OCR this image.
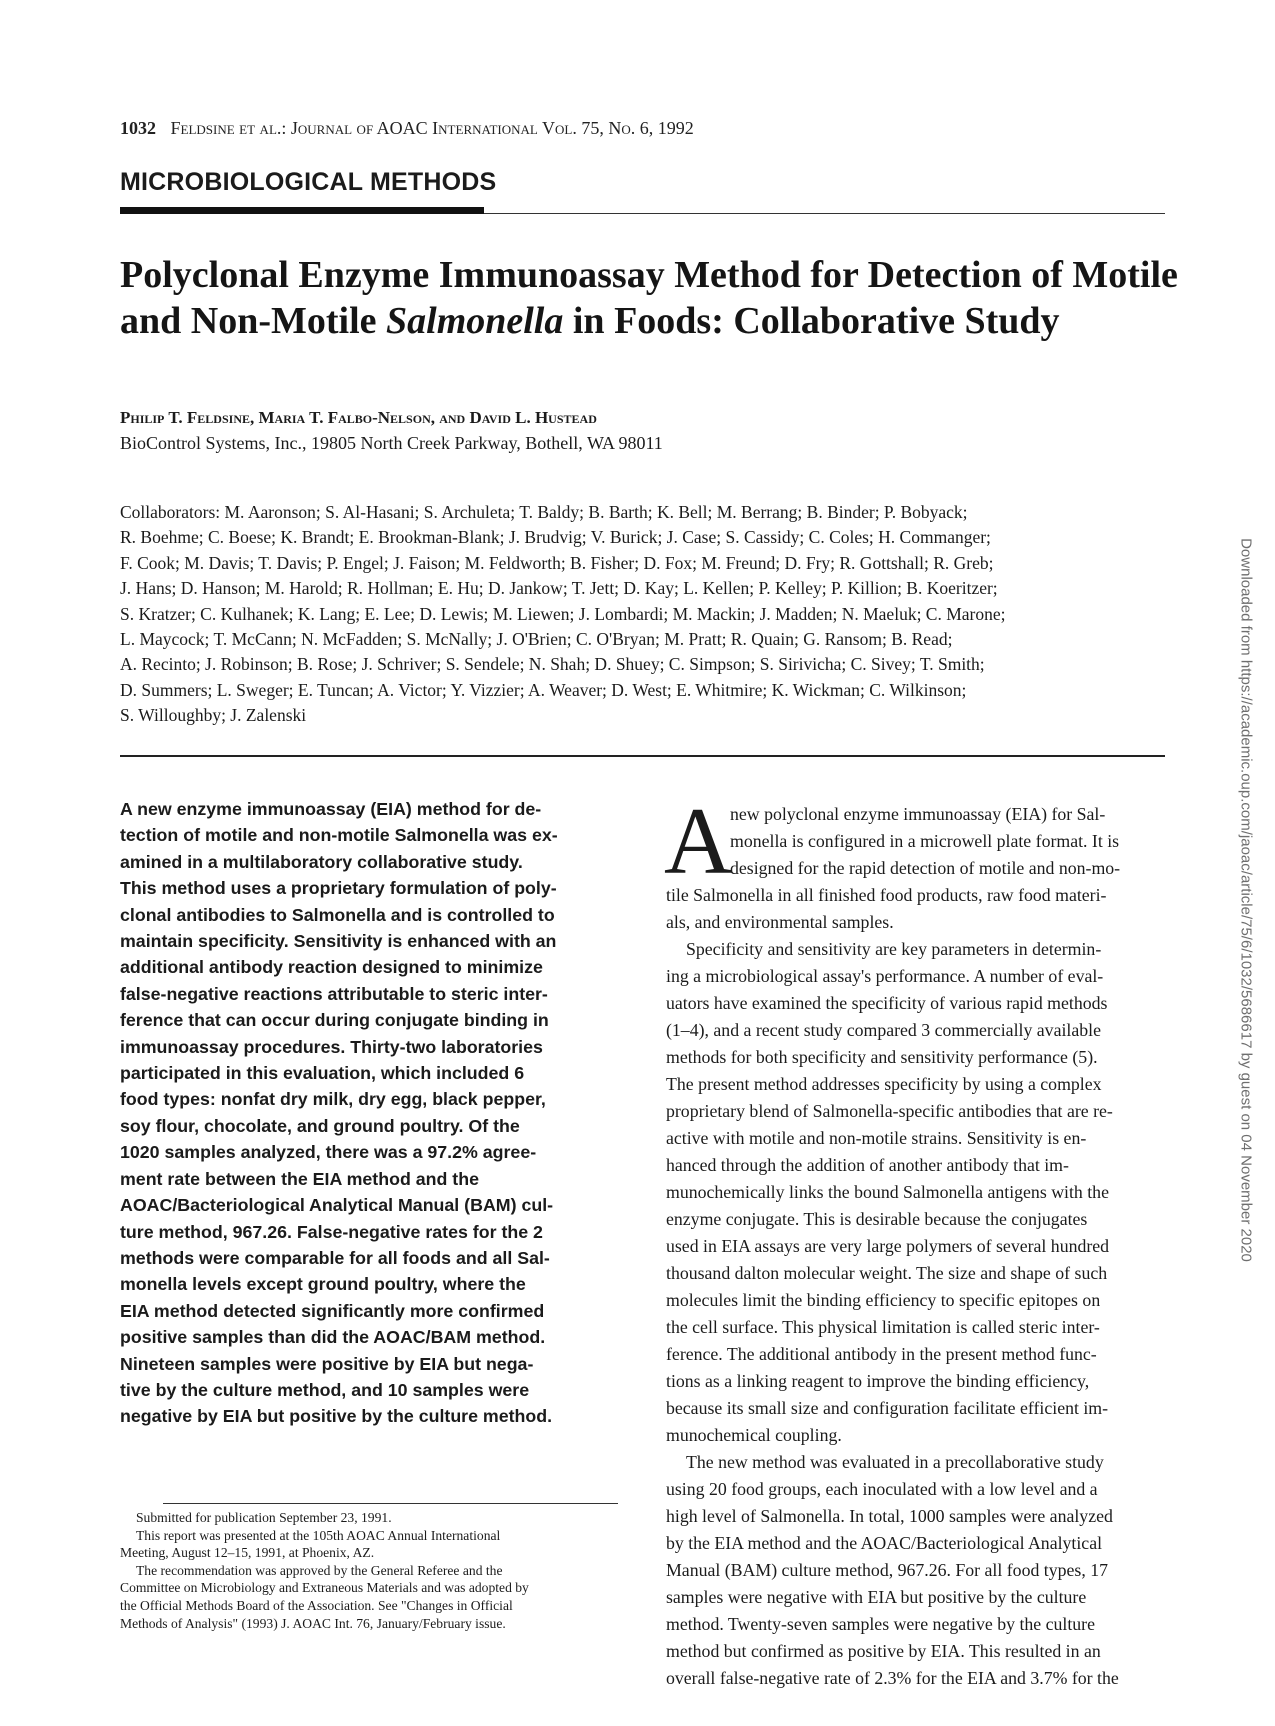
1032 Feldsine et al.: Journal of AOAC International Vol. 75, No. 6, 1992
MICROBIOLOGICAL METHODS
Polyclonal Enzyme Immunoassay Method for Detection of Motile
and Non-Motile Salmonella in Foods: Collaborative Study
Philip T. Feldsine, Maria T. Falbo-Nelson, and David L. Hustead
BioControl Systems, Inc., 19805 North Creek Parkway, Bothell, WA 98011
Collaborators: M. Aaronson; S. Al-Hasani; S. Archuleta; T. Baldy; B. Barth; K. Bell; M. Berrang; B. Binder; P. Bobyack;
R. Boehme; C. Boese; K. Brandt; E. Brookman-Blank; J. Brudvig; V. Burick; J. Case; S. Cassidy; C. Coles; H. Commanger;
F. Cook; M. Davis; T. Davis; P. Engel; J. Faison; M. Feldworth; B. Fisher; D. Fox; M. Freund; D. Fry; R. Gottshall; R. Greb;
J. Hans; D. Hanson; M. Harold; R. Hollman; E. Hu; D. Jankow; T. Jett; D. Kay; L. Kellen; P. Kelley; P. Killion; B. Koeritzer;
S. Kratzer; C. Kulhanek; K. Lang; E. Lee; D. Lewis; M. Liewen; J. Lombardi; M. Mackin; J. Madden; N. Maeluk; C. Marone;
L. Maycock; T. McCann; N. McFadden; S. McNally; J. O'Brien; C. O'Bryan; M. Pratt; R. Quain; G. Ransom; B. Read;
A. Recinto; J. Robinson; B. Rose; J. Schriver; S. Sendele; N. Shah; D. Shuey; C. Simpson; S. Sirivicha; C. Sivey; T. Smith;
D. Summers; L. Sweger; E. Tuncan; A. Victor; Y. Vizzier; A. Weaver; D. West; E. Whitmire; K. Wickman; C. Wilkinson;
S. Willoughby; J. Zalenski
A new enzyme immunoassay (EIA) method for de-
tection of motile and non-motile Salmonella was ex-
amined in a multilaboratory collaborative study.
This method uses a proprietary formulation of poly-
clonal antibodies to Salmonella and is controlled to
maintain specificity. Sensitivity is enhanced with an
additional antibody reaction designed to minimize
false-negative reactions attributable to steric inter-
ference that can occur during conjugate binding in
immunoassay procedures. Thirty-two laboratories
participated in this evaluation, which included 6
food types: nonfat dry milk, dry egg, black pepper,
soy flour, chocolate, and ground poultry. Of the
1020 samples analyzed, there was a 97.2% agree-
ment rate between the EIA method and the
AOAC/Bacteriological Analytical Manual (BAM) cul-
ture method, 967.26. False-negative rates for the 2
methods were comparable for all foods and all Sal-
monella levels except ground poultry, where the
EIA method detected significantly more confirmed
positive samples than did the AOAC/BAM method.
Nineteen samples were positive by EIA but nega-
tive by the culture method, and 10 samples were
negative by EIA but positive by the culture method.
Submitted for publication September 23, 1991.
This report was presented at the 105th AOAC Annual International
Meeting, August 12–15, 1991, at Phoenix, AZ.
The recommendation was approved by the General Referee and the
Committee on Microbiology and Extraneous Materials and was adopted by
the Official Methods Board of the Association. See "Changes in Official
Methods of Analysis" (1993) J. AOAC Int. 76, January/February issue.
A
new polyclonal enzyme immunoassay (EIA) for Sal-
monella is configured in a microwell plate format. It is
designed for the rapid detection of motile and non-mo-
tile Salmonella in all finished food products, raw food materi-
als, and environmental samples.
Specificity and sensitivity are key parameters in determin-
ing a microbiological assay's performance. A number of eval-
uators have examined the specificity of various rapid methods
(1–4), and a recent study compared 3 commercially available
methods for both specificity and sensitivity performance (5).
The present method addresses specificity by using a complex
proprietary blend of Salmonella-specific antibodies that are re-
active with motile and non-motile strains. Sensitivity is en-
hanced through the addition of another antibody that im-
munochemically links the bound Salmonella antigens with the
enzyme conjugate. This is desirable because the conjugates
used in EIA assays are very large polymers of several hundred
thousand dalton molecular weight. The size and shape of such
molecules limit the binding efficiency to specific epitopes on
the cell surface. This physical limitation is called steric inter-
ference. The additional antibody in the present method func-
tions as a linking reagent to improve the binding efficiency,
because its small size and configuration facilitate efficient im-
munochemical coupling.
The new method was evaluated in a precollaborative study
using 20 food groups, each inoculated with a low level and a
high level of Salmonella. In total, 1000 samples were analyzed
by the EIA method and the AOAC/Bacteriological Analytical
Manual (BAM) culture method, 967.26. For all food types, 17
samples were negative with EIA but positive by the culture
method. Twenty-seven samples were negative by the culture
method but confirmed as positive by EIA. This resulted in an
overall false-negative rate of 2.3% for the EIA and 3.7% for the
Downloaded from https://academic.oup.com/jaoac/article/75/6/1032/5686617 by guest on 04 November 2020
